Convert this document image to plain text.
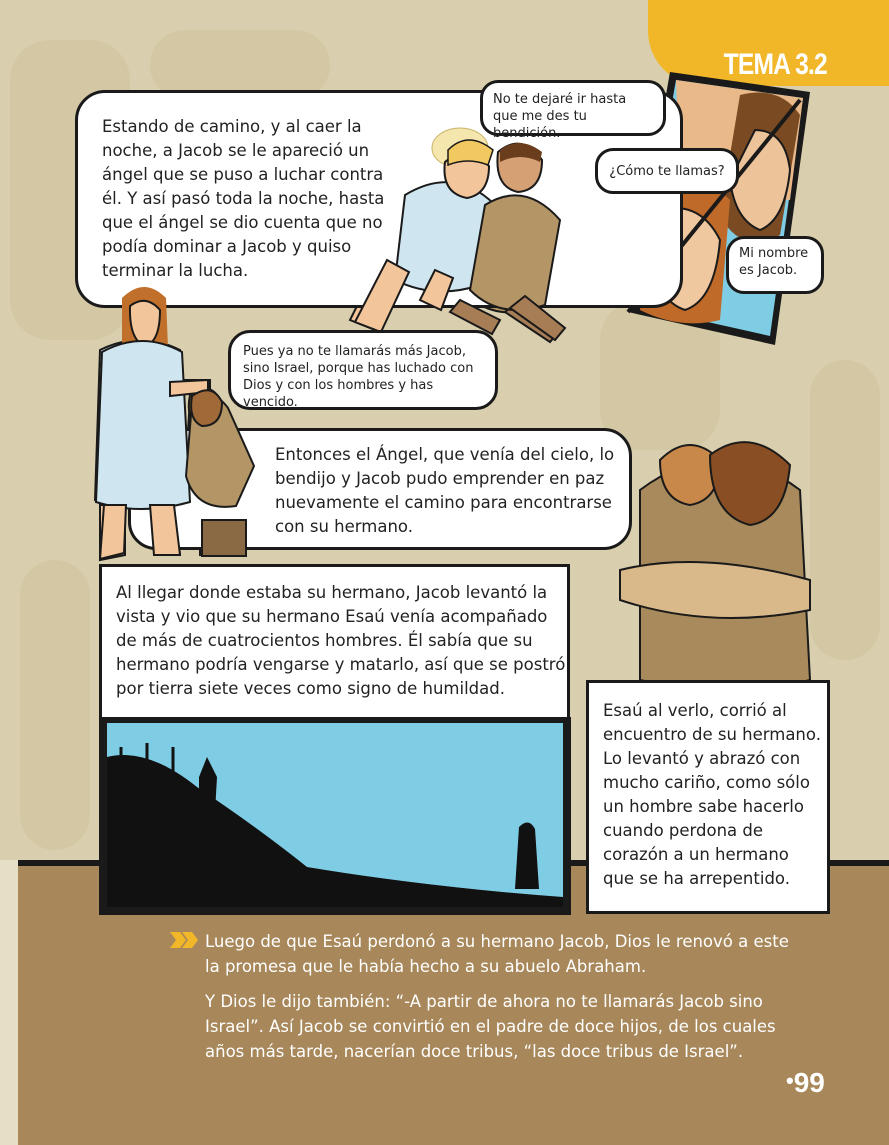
TEMA 3.2
Estando de camino, y al caer la noche, a Jacob se le apareció un ángel que se puso a luchar contra él. Y así pasó toda la noche, hasta que el ángel se dio cuenta que no podía dominar a Jacob y quiso terminar la lucha.
No te dejaré ir hasta que me des tu bendición.
¿Cómo te llamas?
Mi nombre es Jacob.
Pues ya no te llamarás más Jacob, sino Israel, porque has luchado con Dios y con los hombres y has vencido.
Entonces el Ángel, que venía del cielo, lo bendijo y Jacob pudo emprender en paz nuevamente el camino para encontrarse con su hermano.
Al llegar donde estaba su hermano, Jacob levantó la vista y vio que su hermano Esaú venía acompañado de más de cuatrocientos hombres. Él sabía que su hermano podría vengarse y matarlo, así que se postró por tierra siete veces como signo de humildad.
Esaú al verlo, corrió al encuentro de su hermano. Lo levantó y abrazó con mucho cariño, como sólo un hombre sabe hacerlo cuando perdona de corazón a un hermano que se ha arrepentido.
Luego de que Esaú perdonó a su hermano Jacob, Dios le renovó a este la promesa que le había hecho a su abuelo Abraham.
Y Dios le dijo también: “-A partir de ahora no te llamarás Jacob sino Israel”. Así Jacob se convirtió en el padre de doce hijos, de los cuales años más tarde, nacerían doce tribus, “las doce tribus de Israel”.
•99
